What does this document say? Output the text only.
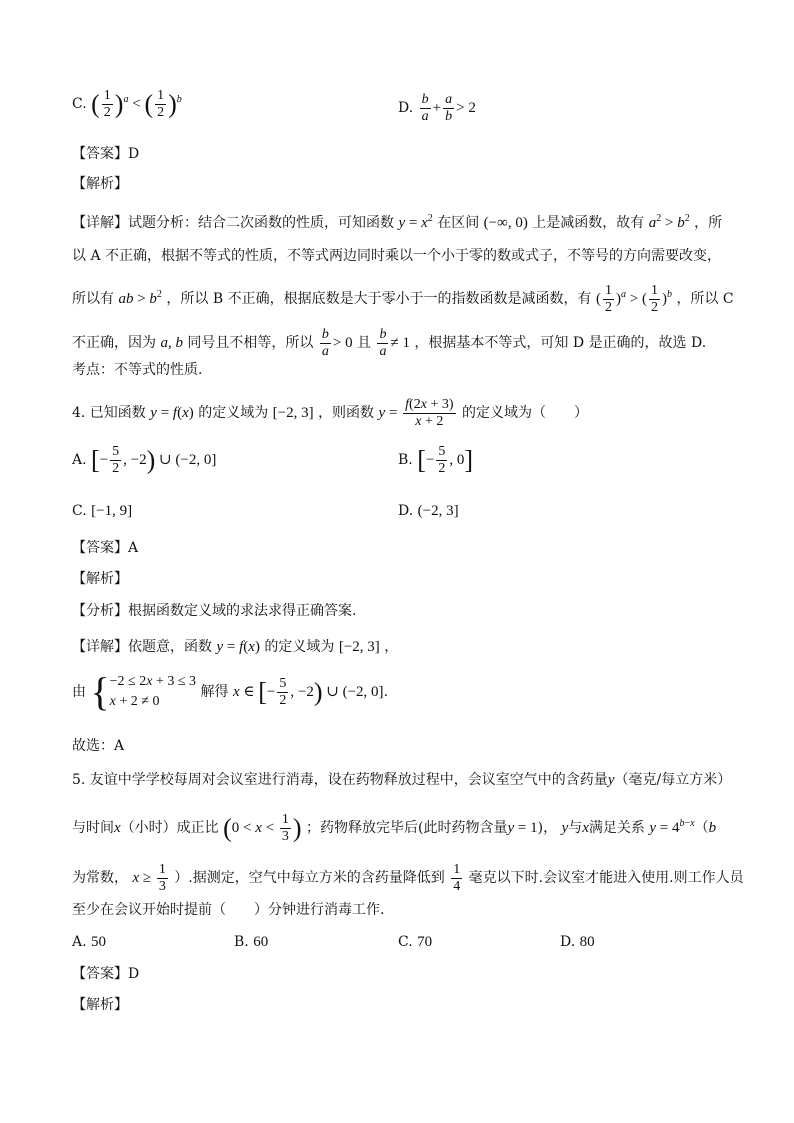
C. ( $\frac{1}{2} )^a$ < ( $\frac{1}{2} )^b$
D. $\frac{b}{a} + \frac{a}{b} > 2$
【答案】D
【解析】
【详解】试题分析：结合二次函数的性质，可知函数 $y = x^2$ 在区间 (−∞, 0) 上是减函数，故有 $a^2 > b^2$ ，所
以 A 不正确，根据不等式的性质，不等式两边同时乘以一个小于零的数或式子，不等号的方向需要改变，
所以有 ab > $b^2$ ，所以 B 不正确，根据底数是大于零小于一的指数函数是减函数，有 ( $\frac{1}{2} )^a$ > ( $\frac{1}{2} )^b$ ，所以 C
不正确，因为 a, b 同号且不相等，所以 $\frac{b}{a} > 0$ 且 $\frac{b}{a} \ne 1$ ，根据基本不等式，可知 D 是正确的，故选 D.
考点：不等式的性质.
4. 已知函数 y = f(x) 的定义域为 [−2, 3] ，则函数 $y = \frac{f(2x + 3)}{x + 2}$ 的定义域为（　　）
A. [− $\frac{5}{2}$ , −2) ∪ (−2, 0]	B. [− $\frac{5}{2}$ , 0]
C. [−1, 9]	D. (−2, 3]
【答案】A
【解析】
【分析】根据函数定义域的求法求得正确答案.
【详解】依题意，函数 y = f(x) 的定义域为 [−2, 3] ，
由 { −2 ≤ 2x + 3 ≤ 3
x + 2 ≠ 0
解得 x ∈ [− $\frac{5}{2}$ , −2) ∪ (−2, 0].
故选：A
5. 友谊中学学校每周对会议室进行消毒，设在药物释放过程中，会议室空气中的含药量y（毫克/每立方米）
与时间x（小时）成正比 ($0 < x < \frac{1}{3}$ ) ；药物释放完毕后(此时药物含量y = 1)， y与x满足关系 $y = 4^{b-x}(b$
为常数， $x \ge \frac{1}{3}$ ）.据测定，空气中每立方米的含药量降低到 $\frac{1}{4}$ 毫克以下时.会议室才能进入使用.则工作人员
至少在会议开始时提前（　　）分钟进行消毒工作.
A. 50	B. 60	C. 70	D. 80
【答案】D
【解析】
